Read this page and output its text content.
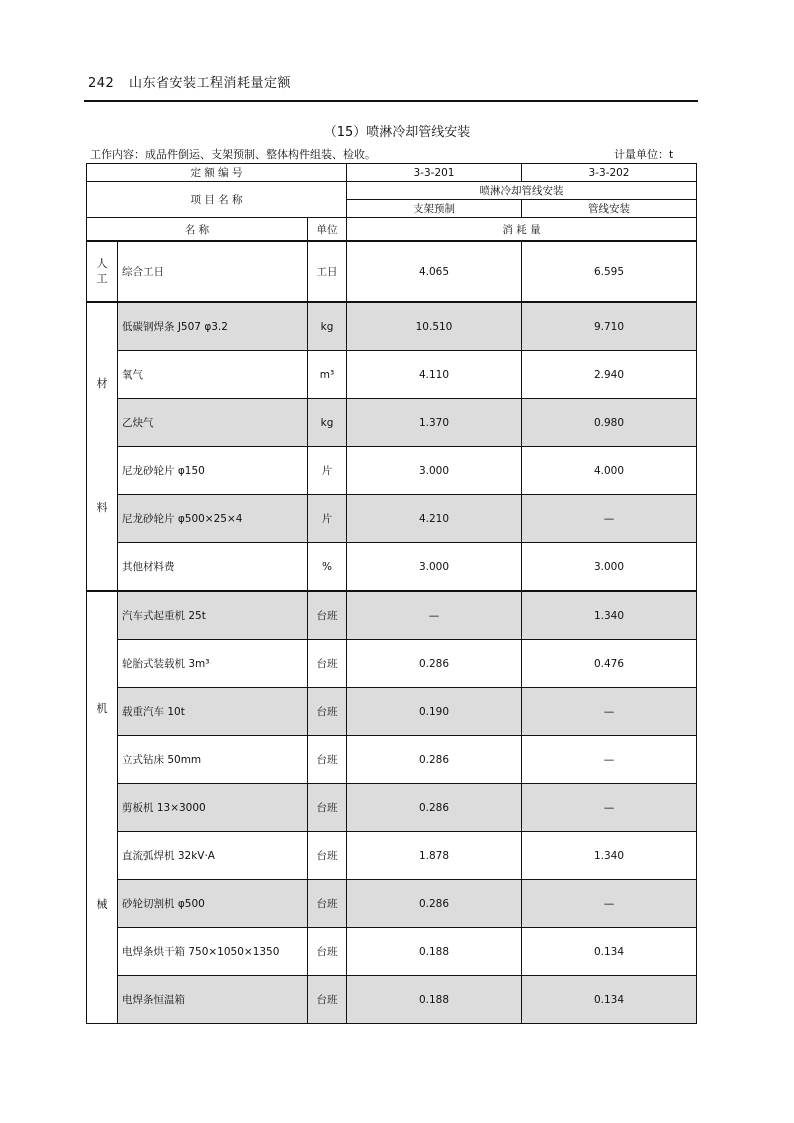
242 山东省安装工程消耗量定额
（15）喷淋冷却管线安装
工作内容：成品件倒运、支架预制、整体构件组装、检收。	计量单位：t
定 额 编 号			3-3-201	3-3-202
项 目 名 称			喷淋冷却管线安装	
			支架预制	管线安装
名 称		单位	消 耗 量	
人工	综合工日	工日	4.065	6.595

材
料	低碳钢焊条 J507 φ3.2	kg	10.510	9.710
	氧气	m³	4.110	2.940
	乙炔气	kg	1.370	0.980
	尼龙砂轮片 φ150	片	3.000	4.000
	尼龙砂轮片 φ500×25×4	片	4.210	—
	其他材料费	%	3.000	3.000

机
械	汽车式起重机 25t	台班	—	1.340
	轮胎式装载机 3m³	台班	0.286	0.476
	载重汽车 10t	台班	0.190	—
	立式钻床 50mm	台班	0.286	—
	剪板机 13×3000	台班	0.286	—
	直流弧焊机 32kV·A	台班	1.878	1.340
	砂轮切割机 φ500	台班	0.286	—
	电焊条烘干箱 750×1050×1350	台班	0.188	0.134
	电焊条恒温箱	台班	0.188	0.134
